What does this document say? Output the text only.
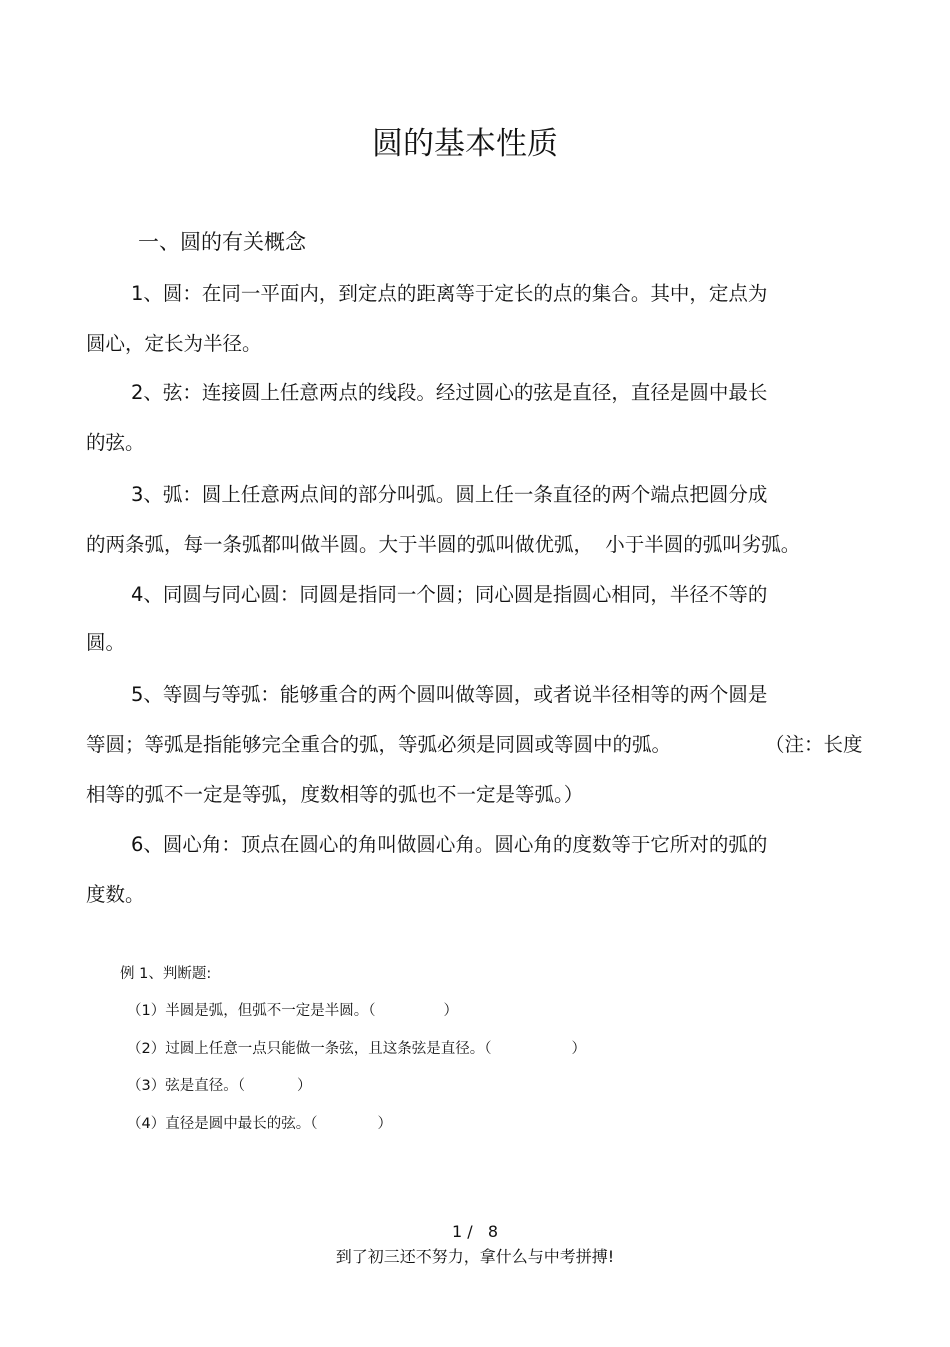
圆的基本性质
一、圆的有关概念
1、圆：在同一平面内，到定点的距离等于定长的点的集合。其中，定点为
圆心，定长为半径。
2、弦：连接圆上任意两点的线段。经过圆心的弦是直径，直径是圆中最长
的弦。
3、弧：圆上任意两点间的部分叫弧。圆上任一条直径的两个端点把圆分成
的两条弧，每一条弧都叫做半圆。大于半圆的弧叫做优弧， 小于半圆的弧叫劣弧。
4、同圆与同心圆：同圆是指同一个圆；同心圆是指圆心相同，半径不等的
圆。
5、等圆与等弧：能够重合的两个圆叫做等圆，或者说半径相等的两个圆是
等圆；等弧是指能够完全重合的弧，等弧必须是同圆或等圆中的弧。	（注：长度
相等的弧不一定是等弧，度数相等的弧也不一定是等弧。）
6、圆心角：顶点在圆心的角叫做圆心角。圆心角的度数等于它所对的弧的
度数。
例 1、判断题:
（1）半圆是弧，但弧不一定是半圆。（	）
（2）过圆上任意一点只能做一条弦，且这条弦是直径。（	）
（3）弦是直径。（	）
（4）直径是圆中最长的弦。（	）
1 /   8
到了初三还不努力，拿什么与中考拼搏!
